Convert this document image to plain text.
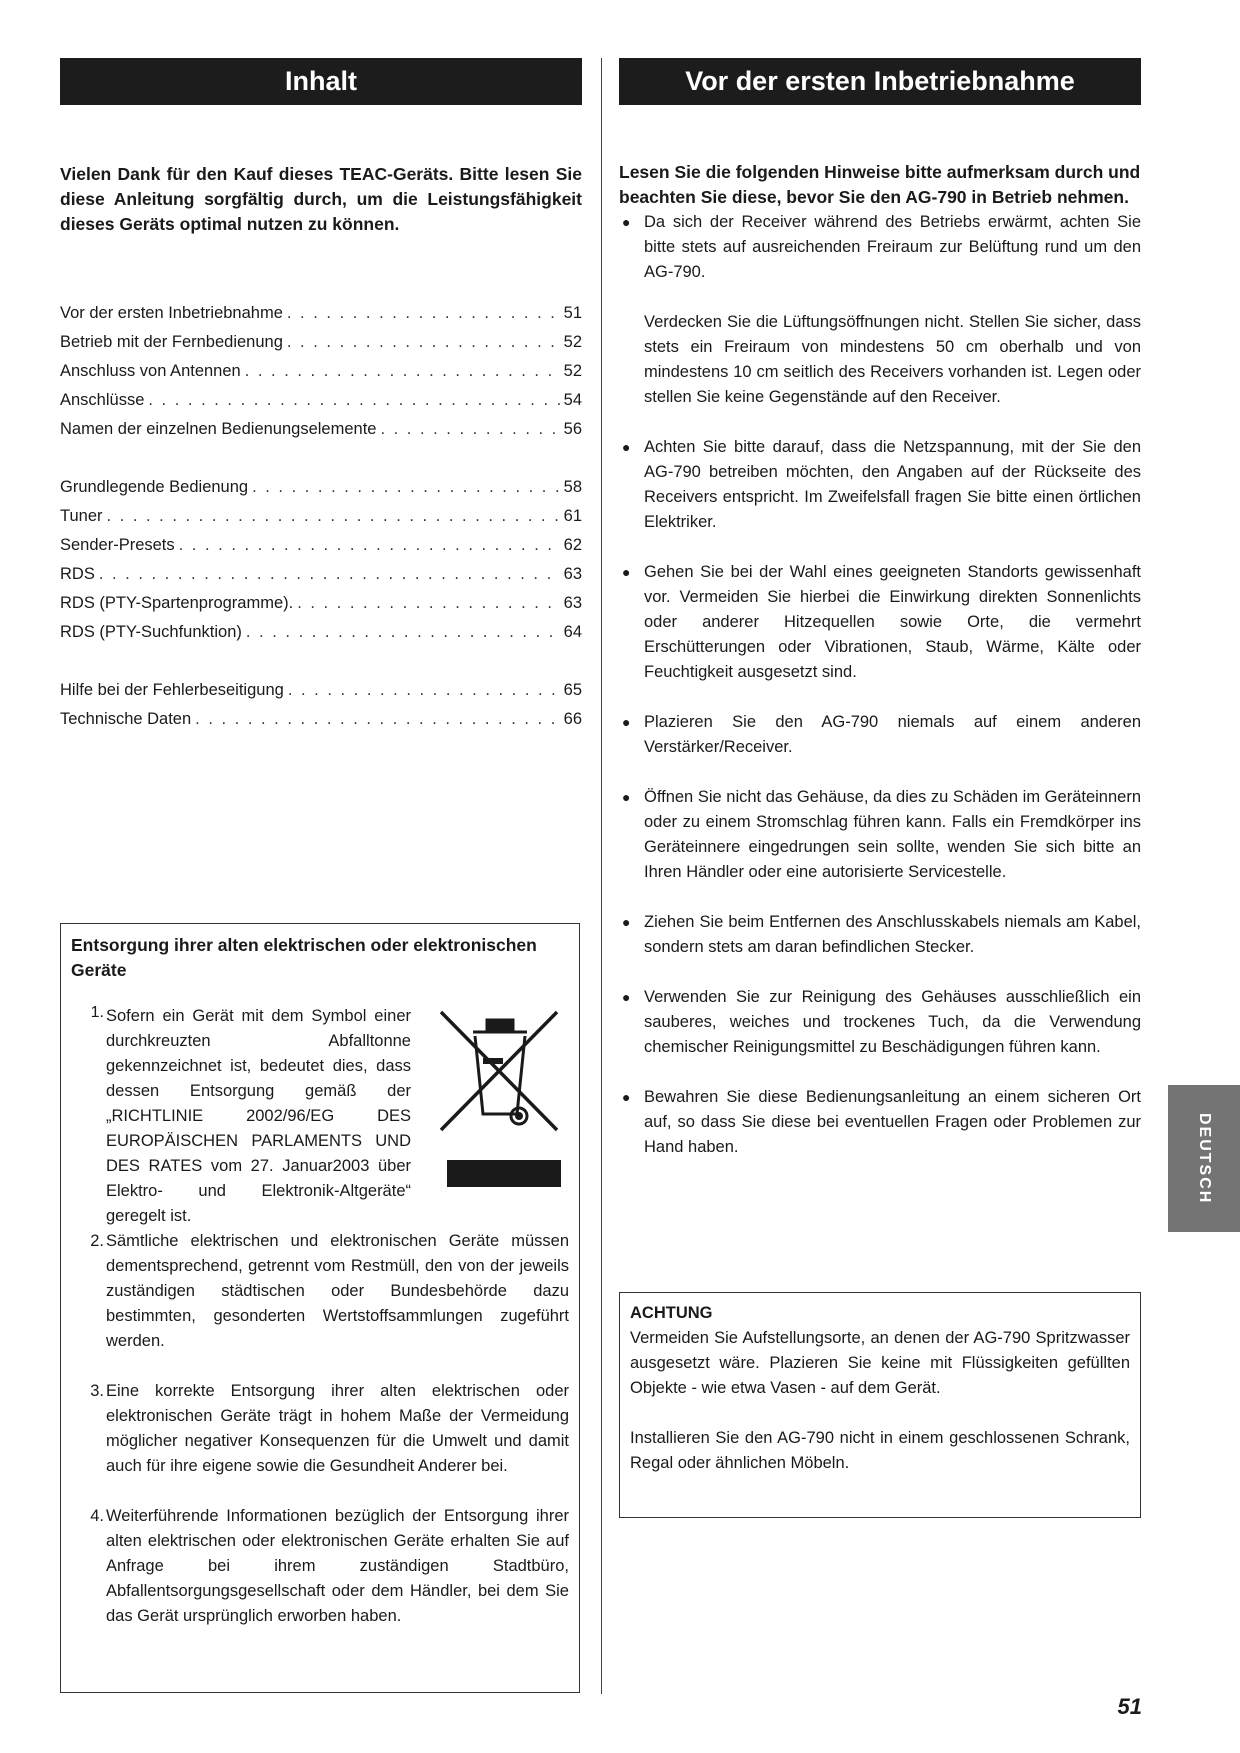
Inhalt
Vielen Dank für den Kauf dieses TEAC-Geräts. Bitte lesen Sie diese Anleitung sorgfältig durch, um die Leistungsfähigkeit dieses Geräts optimal nutzen zu können.
Vor der ersten Inbetriebnahme . . .	51
Betrieb mit der Fernbedienung . . .	52
Anschluss von Antennen . . .	52
Anschlüsse . . .	54
Namen der einzelnen Bedienungselemente . . .	56
Grundlegende Bedienung . . .	58
Tuner . . .	61
Sender-Presets . . .	62
RDS . . .	63
RDS (PTY-Spartenprogramme). . . .	63
RDS (PTY-Suchfunktion) . . .	64
Hilfe bei der Fehlerbeseitigung . . .	65
Technische Daten . . .	66
Entsorgung ihrer alten elektrischen oder elektronischen Geräte
1. Sofern ein Gerät mit dem Symbol einer durchkreuzten Abfalltonne gekennzeichnet ist, bedeutet dies, dass dessen Entsorgung gemäß der „RICHTLINIE 2002/96/EG DES EUROPÄISCHEN PARLAMENTS UND DES RATES vom 27. Januar2003 über Elektro- und Elektronik-Altgeräte“ geregelt ist.
2. Sämtliche elektrischen und elektronischen Geräte müssen dementsprechend, getrennt vom Restmüll, den von der jeweils zuständigen städtischen oder Bundesbehörde dazu bestimmten, gesonderten Wertstoffsammlungen zugeführt werden.
3. Eine korrekte Entsorgung ihrer alten elektrischen oder elektronischen Geräte trägt in hohem Maße der Vermeidung möglicher negativer Konsequenzen für die Umwelt und damit auch für ihre eigene sowie die Gesundheit Anderer bei.
4. Weiterführende Informationen bezüglich der Entsorgung ihrer alten elektrischen oder elektronischen Geräte erhalten Sie auf Anfrage bei ihrem zuständigen Stadtbüro, Abfallentsorgungsgesellschaft oder dem Händler, bei dem Sie das Gerät ursprünglich erworben haben.
Vor der ersten Inbetriebnahme
Lesen Sie die folgenden Hinweise bitte aufmerksam durch und beachten Sie diese, bevor Sie den AG-790 in Betrieb nehmen.
● Da sich der Receiver während des Betriebs erwärmt, achten Sie bitte stets auf ausreichenden Freiraum zur Belüftung rund um den AG-790.

Verdecken Sie die Lüftungsöffnungen nicht. Stellen Sie sicher, dass stets ein Freiraum von mindestens 50 cm oberhalb und von mindestens 10 cm seitlich des Receivers vorhanden ist. Legen oder stellen Sie keine Gegenstände auf den Receiver.

● Achten Sie bitte darauf, dass die Netzspannung, mit der Sie den AG-790 betreiben möchten, den Angaben auf der Rückseite des Receivers entspricht. Im Zweifelsfall fragen Sie bitte einen örtlichen Elektriker.

● Gehen Sie bei der Wahl eines geeigneten Standorts gewissenhaft vor. Vermeiden Sie hierbei die Einwirkung direkten Sonnenlichts oder anderer Hitzequellen sowie Orte, die vermehrt Erschütterungen oder Vibrationen, Staub, Wärme, Kälte oder Feuchtigkeit ausgesetzt sind.

● Plazieren Sie den AG-790 niemals auf einem anderen Verstärker/Receiver.

● Öffnen Sie nicht das Gehäuse, da dies zu Schäden im Geräteinnern oder zu einem Stromschlag führen kann. Falls ein Fremdkörper ins Geräteinnere eingedrungen sein sollte, wenden Sie sich bitte an Ihren Händler oder eine autorisierte Servicestelle.

● Ziehen Sie beim Entfernen des Anschlusskabels niemals am Kabel, sondern stets am daran befindlichen Stecker.

● Verwenden Sie zur Reinigung des Gehäuses ausschließlich ein sauberes, weiches und trockenes Tuch, da die Verwendung chemischer Reinigungsmittel zu Beschädigungen führen kann.

● Bewahren Sie diese Bedienungsanleitung an einem sicheren Ort auf, so dass Sie diese bei eventuellen Fragen oder Problemen zur Hand haben.

ACHTUNG

Vermeiden Sie Aufstellungsorte, an denen der AG-790 Spritzwasser ausgesetzt wäre. Plazieren Sie keine mit Flüssigkeiten gefüllten Objekte - wie etwa Vasen - auf dem Gerät.

Installieren Sie den AG-790 nicht in einem geschlossenen Schrank, Regal oder ähnlichen Möbeln.

DEUTSCH
51
